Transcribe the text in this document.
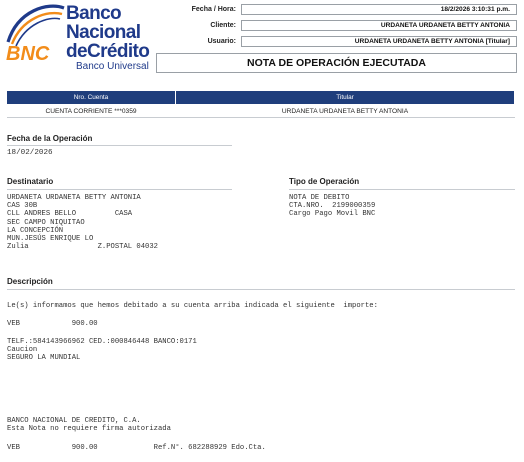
BNC
Banco
Nacional
deCrédito
Banco Universal
Fecha / Hora:	18/2/2026 3:10:31 p.m.
Cliente:	URDANETA URDANETA BETTY ANTONIA
Usuario:	URDANETA URDANETA BETTY ANTONIA [Titular]
NOTA DE OPERACIÓN EJECUTADA
Nro. Cuenta	Titular
CUENTA CORRIENTE ***0359	URDANETA URDANETA BETTY ANTONIA
Fecha de la Operación
18/02/2026
Destinatario
URDANETA URDANETA BETTY ANTONIA
CAS 30B
CLL ANDRES BELLO         CASA
SEC CAMPO NIQUITAO
LA CONCEPCIÓN
MUN.JESÚS ENRIQUE LO
Zulia                Z.POSTAL 04032
Tipo de Operación
NOTA DE DEBITO
CTA.NRO.  2199000359
Cargo Pago Movil BNC
Descripción
Le(s) informamos que hemos debitado a su cuenta arriba indicada el siguiente  importe:
VEB            900.00
TELF.:584143966962 CED.:000846448 BANCO:0171
Caucion
SEGURO LA MUNDIAL
BANCO NACIONAL DE CREDITO, C.A.
Esta Nota no requiere firma autorizada
VEB            900.00             Ref.N°. 682288929 Edo.Cta.
